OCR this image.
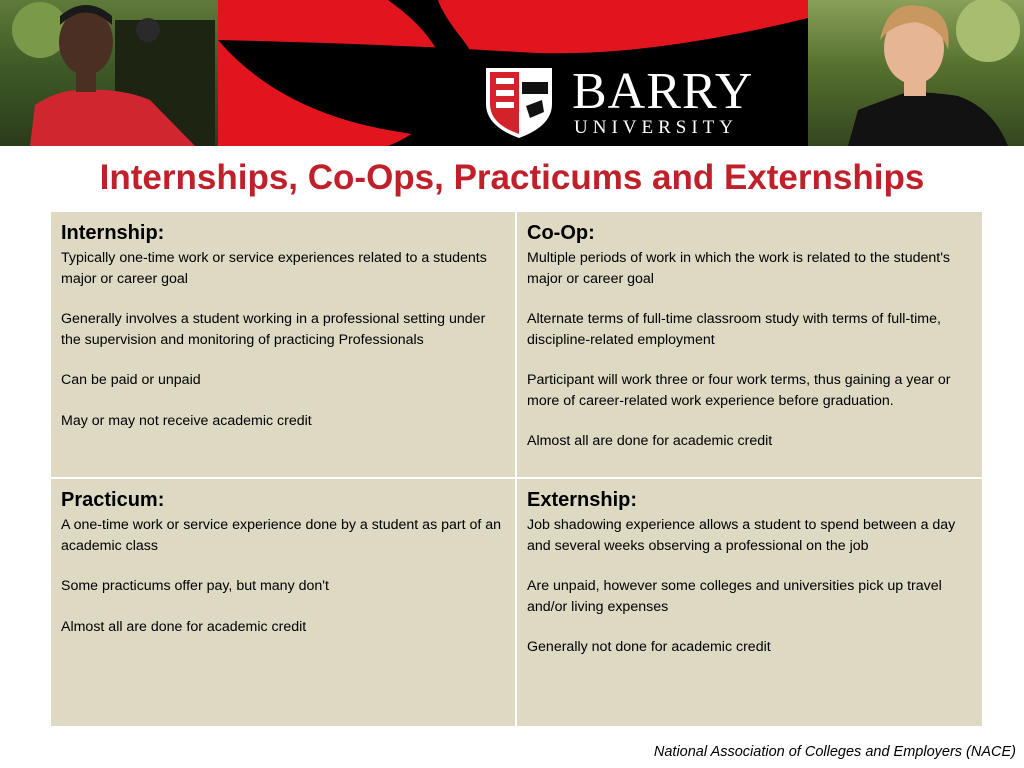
BARRY
UNIVERSITY
Internships, Co-Ops, Practicums and Externships
Internship:

Typically one-time work or service experiences related to a students major or career goal

Generally involves a student working in a professional setting under the supervision and monitoring of practicing Professionals

Can be paid or unpaid

May or may not receive academic credit

Co-Op:

Multiple periods of work in which the work is related to the student's major or career goal

Alternate terms of full-time classroom study with terms of full-time, discipline-related employment

Participant will work three or four work terms, thus gaining a year or more of career-related work experience before graduation.

Almost all are done for academic credit

Practicum:

A one-time work or service experience done by a student as part of an academic class

Some practicums offer pay, but many don't

Almost all are done for academic credit

Externship:

Job shadowing experience allows a student to spend between a day and several weeks observing a professional on the job

Are unpaid, however some colleges and universities pick up travel and/or living expenses

Generally not done for academic credit

National Association of Colleges and Employers (NACE)
